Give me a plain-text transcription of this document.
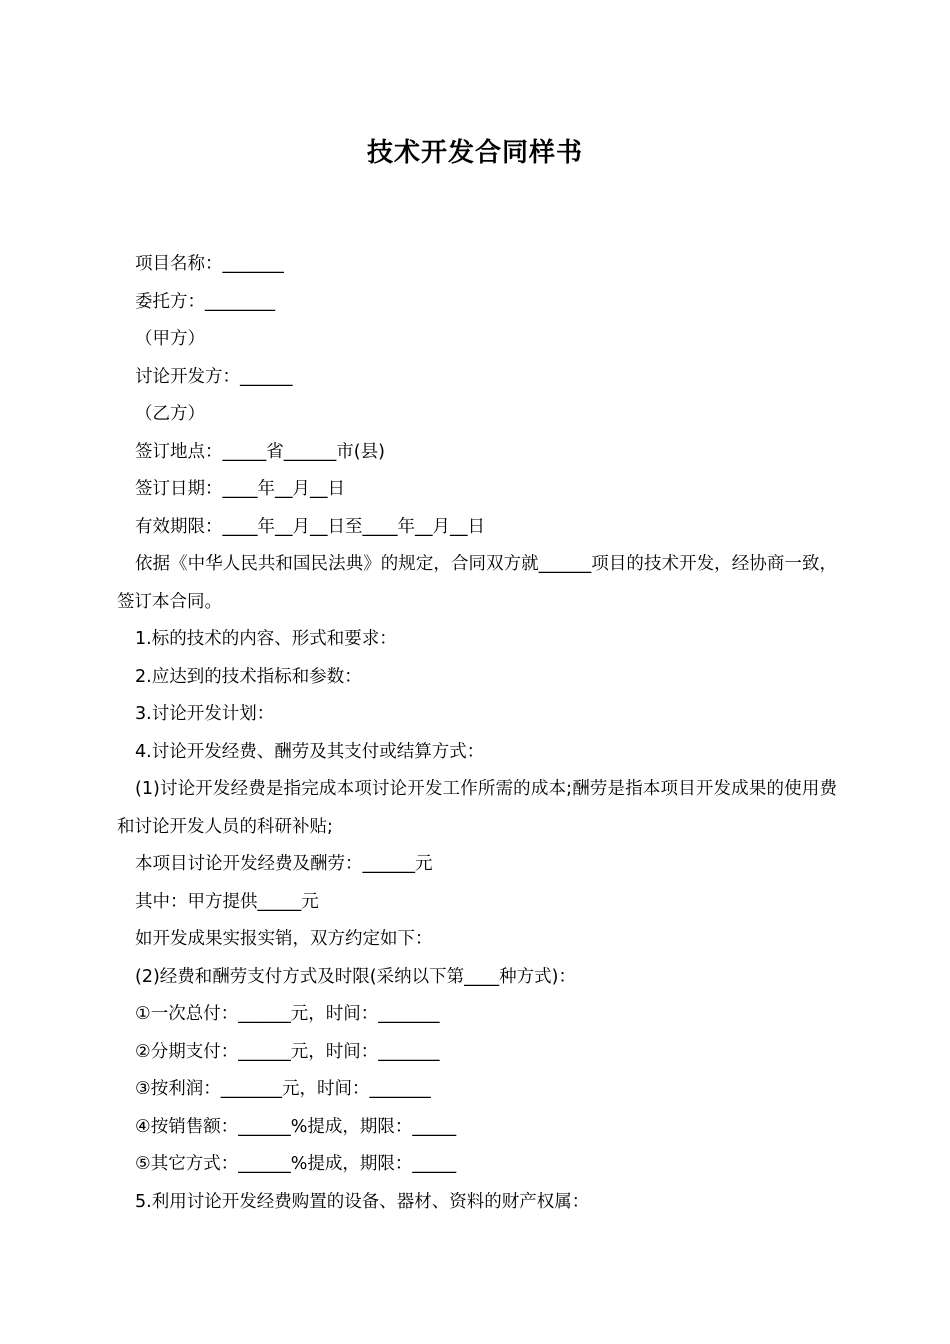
技术开发合同样书
项目名称：_______
委托方：________
（甲方）
讨论开发方：______
（乙方）
签订地点：_____省______市(县)
签订日期：____年__月__日
有效期限：____年__月__日至____年__月__日
依据《中华人民共和国民法典》的规定，合同双方就______项目的技术开发，经协商一致，签订本合同。
1.标的技术的内容、形式和要求：
2.应达到的技术指标和参数：
3.讨论开发计划：
4.讨论开发经费、酬劳及其支付或结算方式：
(1)讨论开发经费是指完成本项讨论开发工作所需的成本;酬劳是指本项目开发成果的使用费和讨论开发人员的科研补贴;
本项目讨论开发经费及酬劳：______元
其中：甲方提供_____元
如开发成果实报实销，双方约定如下：
(2)经费和酬劳支付方式及时限(采纳以下第____种方式)：
①一次总付：______元，时间：_______
②分期支付：______元，时间：_______
③按利润：_______元，时间：_______
④按销售额：______%提成，期限：_____
⑤其它方式：______%提成，期限：_____
5.利用讨论开发经费购置的设备、器材、资料的财产权属：
